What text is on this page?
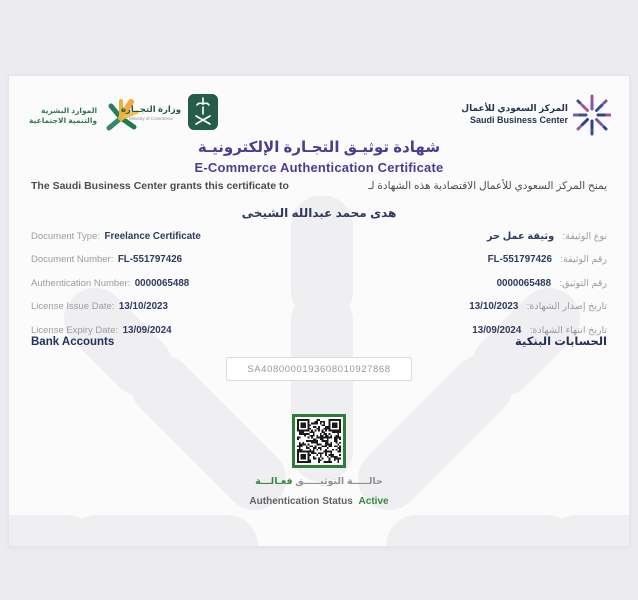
الموارد البشرية
والتنمية الاجتماعية
وزارة التجــارة
Ministry of Commerce
المركز السعودي للأعمال
Saudi Business Center
شهادة توثيـق التجـارة الإلكترونيـة
E-Commerce Authentication Certificate
The Saudi Business Center grants this certificate to	يمنح المركز السعودي للأعمال الاقتصادية هذه الشهادة لـ
هدى محمد عبدالله الشيخى
Document Type: Freelance Certificate	نوع الوثيقة: وثيقة عمل حر
Document Number: FL-551797426	رقم الوثيقة: FL-551797426
Authentication Number: 0000065488	رقم التوثيق: 0000065488
License Issue Date: 13/10/2023	تاريخ إصدار الشهادة: 13/10/2023
License Expiry Date: 13/09/2024	تاريخ انتهاء الشهادة: 13/09/2024
Bank Accounts	الحسابات البنكية
SA4080000193608010927868
حالـــــة التوثيـــــق فعـالـــة
Authentication Status Active
